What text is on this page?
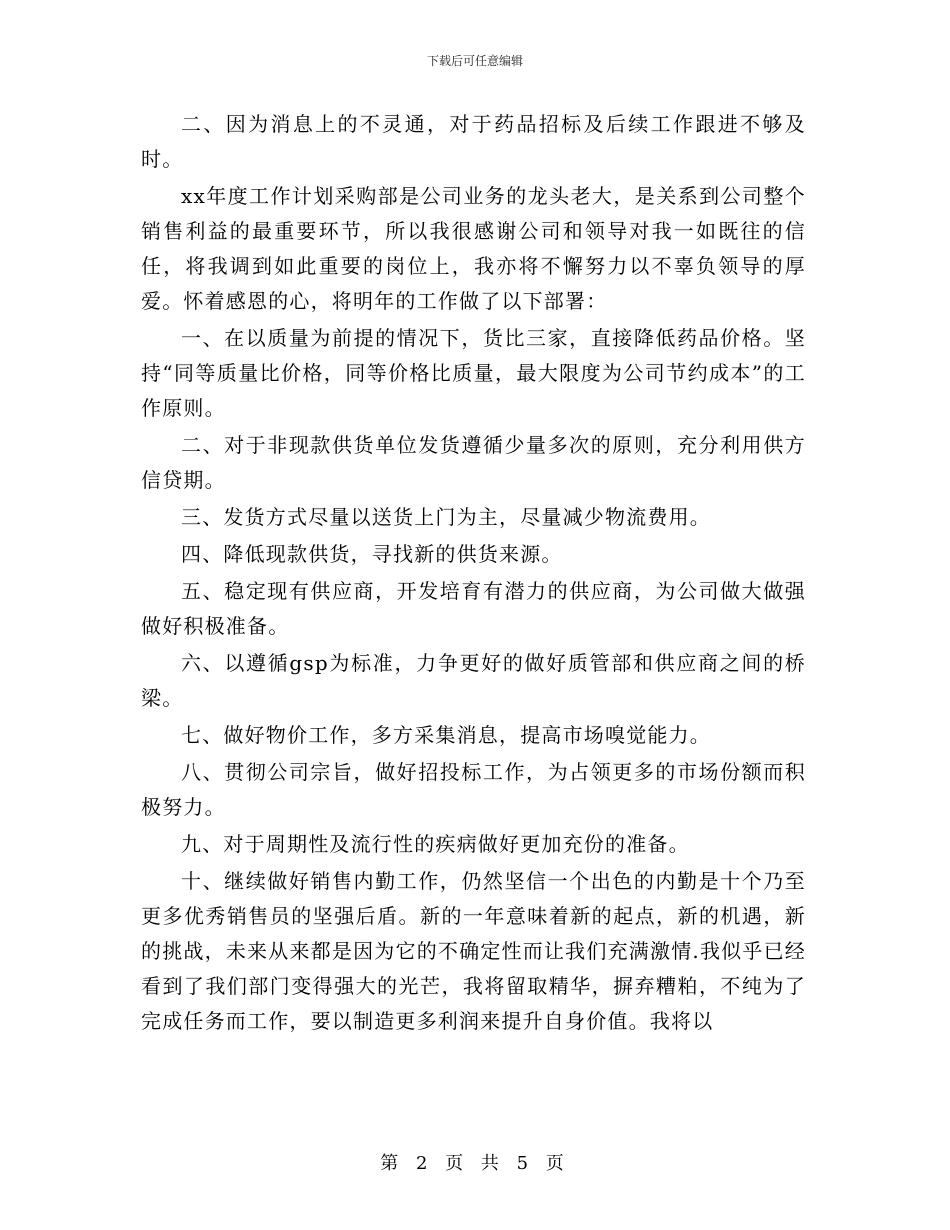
下载后可任意编辑

二、因为消息上的不灵通，对于药品招标及后续工作跟进不够及时。

xx年度工作计划采购部是公司业务的龙头老大，是关系到公司整个销售利益的最重要环节，所以我很感谢公司和领导对我一如既往的信任，将我调到如此重要的岗位上，我亦将不懈努力以不辜负领导的厚爱。怀着感恩的心，将明年的工作做了以下部署：

一、在以质量为前提的情况下，货比三家，直接降低药品价格。坚持“同等质量比价格，同等价格比质量，最大限度为公司节约成本”的工作原则。

二、对于非现款供货单位发货遵循少量多次的原则，充分利用供方信贷期。

三、发货方式尽量以送货上门为主，尽量减少物流费用。

四、降低现款供货，寻找新的供货来源。

五、稳定现有供应商，开发培育有潜力的供应商，为公司做大做强做好积极准备。

六、以遵循gsp为标准，力争更好的做好质管部和供应商之间的桥梁。

七、做好物价工作，多方采集消息，提高市场嗅觉能力。

八、贯彻公司宗旨，做好招投标工作，为占领更多的市场份额而积极努力。

九、对于周期性及流行性的疾病做好更加充份的准备。

十、继续做好销售内勤工作，仍然坚信一个出色的内勤是十个乃至更多优秀销售员的坚强后盾。新的一年意味着新的起点，新的机遇，新的挑战，未来从来都是因为它的不确定性而让我们充满激情.我似乎已经看到了我们部门变得强大的光芒，我将留取精华，摒弃糟粕，不纯为了完成任务而工作，要以制造更多利润来提升自身价值。我将以

第 2 页 共 5 页
